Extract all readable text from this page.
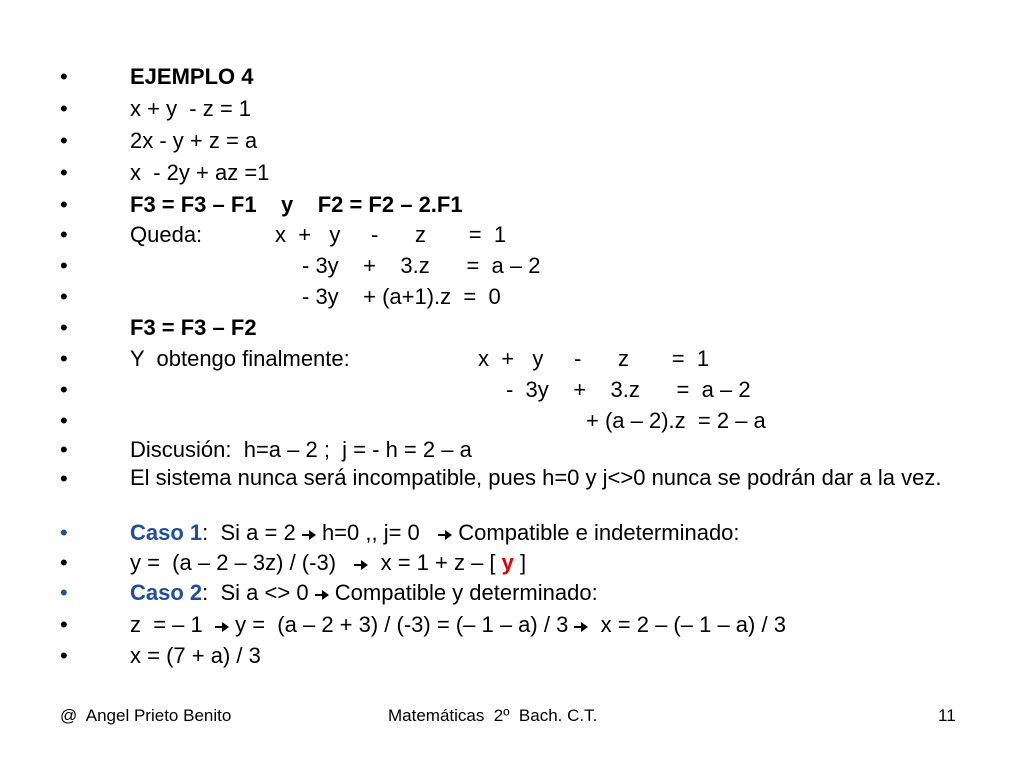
•

	EJEMPLO 4

•

	x + y  - z = 1

•

	2x - y + z = a

•

	x  - 2y + az =1

•

	F3 = F3 – F1    y    F2 = F2 – 2.F1

•

	Queda:

	x  +   y     -      z       =  1

•

	- 3y    +    3.z      =  a – 2

•

	- 3y    + (a+1).z  =  0

•

	F3 = F3 – F2

•

	Y  obtengo finalmente:

	x  +   y     -      z       =  1

•

	-  3y    +    3.z      =  a – 2

•

	+ (a – 2).z  = 2 – a

•

	Discusión:  h=a – 2 ;  j = - h = 2 – a

•

	El sistema nunca será incompatible, pues h=0 y j<>0 nunca se podrán dar a la vez.

•

	Caso 1:  Si a = 2
h=0 ,, j= 0
Compatible e indeterminado:

•

	y =  (a – 2 – 3z) / (-3)
x = 1 + z – [ y ]

•

	Caso 2:  Si a <> 0
Compatible y determinado:

•

	z  = – 1
y =  (a – 2 + 3) / (-3) = (– 1 – a) / 3
x = 2 – (– 1 – a) / 3

•

	x = (7 + a) / 3

@  Angel Prieto Benito	Matemáticas  2º  Bach. C.T.	11
